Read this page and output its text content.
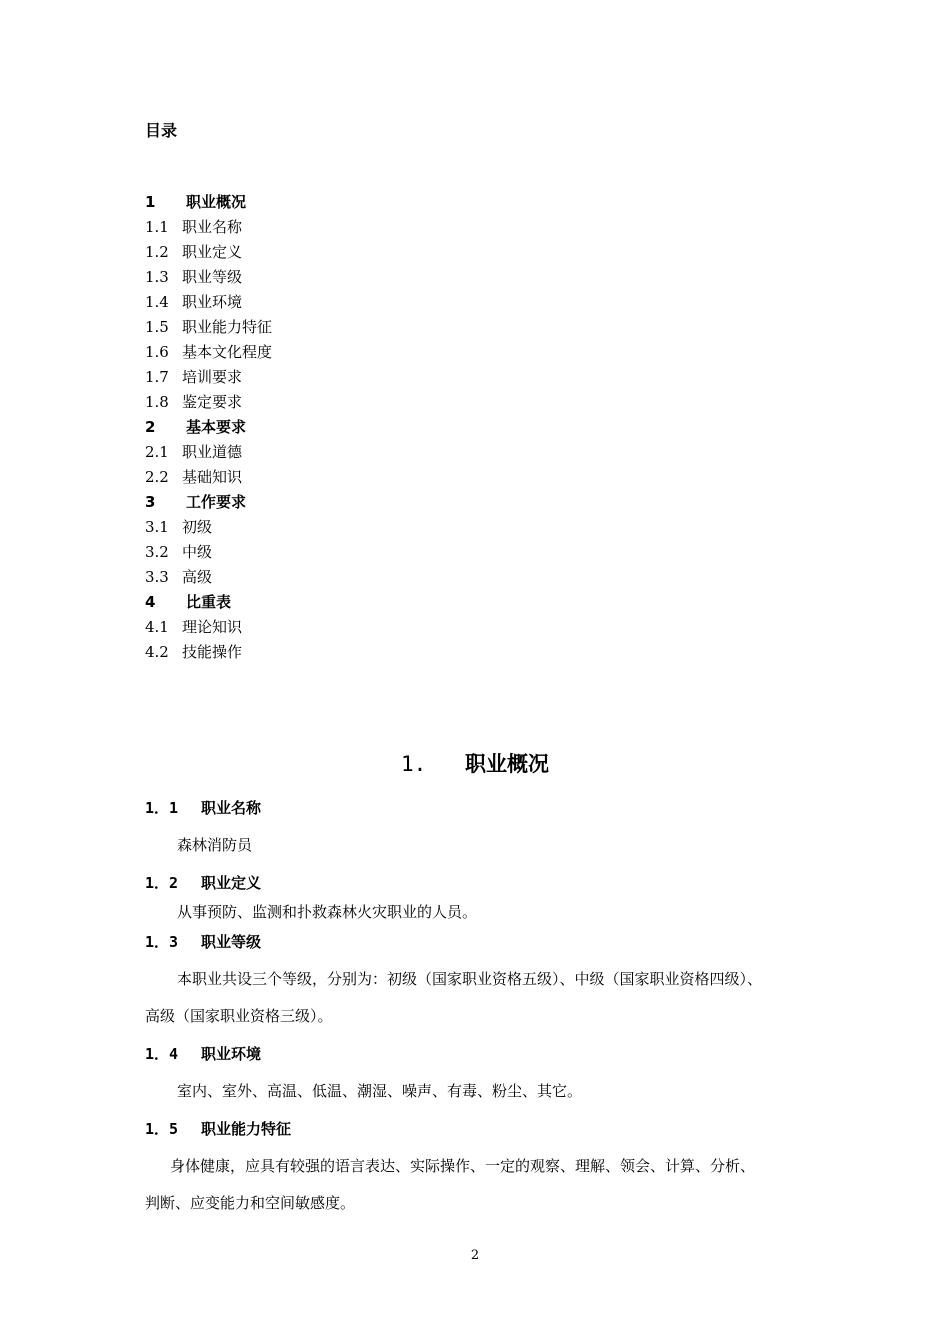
目录
1	职业概况
1.1 职业名称
1.2 职业定义
1.3 职业等级
1.4 职业环境
1.5 职业能力特征
1.6 基本文化程度
1.7 培训要求
1.8 鉴定要求
2	基本要求
2.1 职业道德
2.2 基础知识
3	工作要求
3.1 初级
3.2 中级
3.3 高级
4	比重表
4.1 理论知识
4.2 技能操作
1. 职业概况
1．1 职业名称
森林消防员
1．2 职业定义
从事预防、监测和扑救森林火灾职业的人员。
1．3 职业等级
本职业共设三个等级，分别为：初级（国家职业资格五级）、中级（国家职业资格四级）、
高级（国家职业资格三级）。
1．4 职业环境
室内、室外、高温、低温、潮湿、噪声、有毒、粉尘、其它。
1．5 职业能力特征
身体健康，应具有较强的语言表达、实际操作、一定的观察、理解、领会、计算、分析、
判断、应变能力和空间敏感度。
2
